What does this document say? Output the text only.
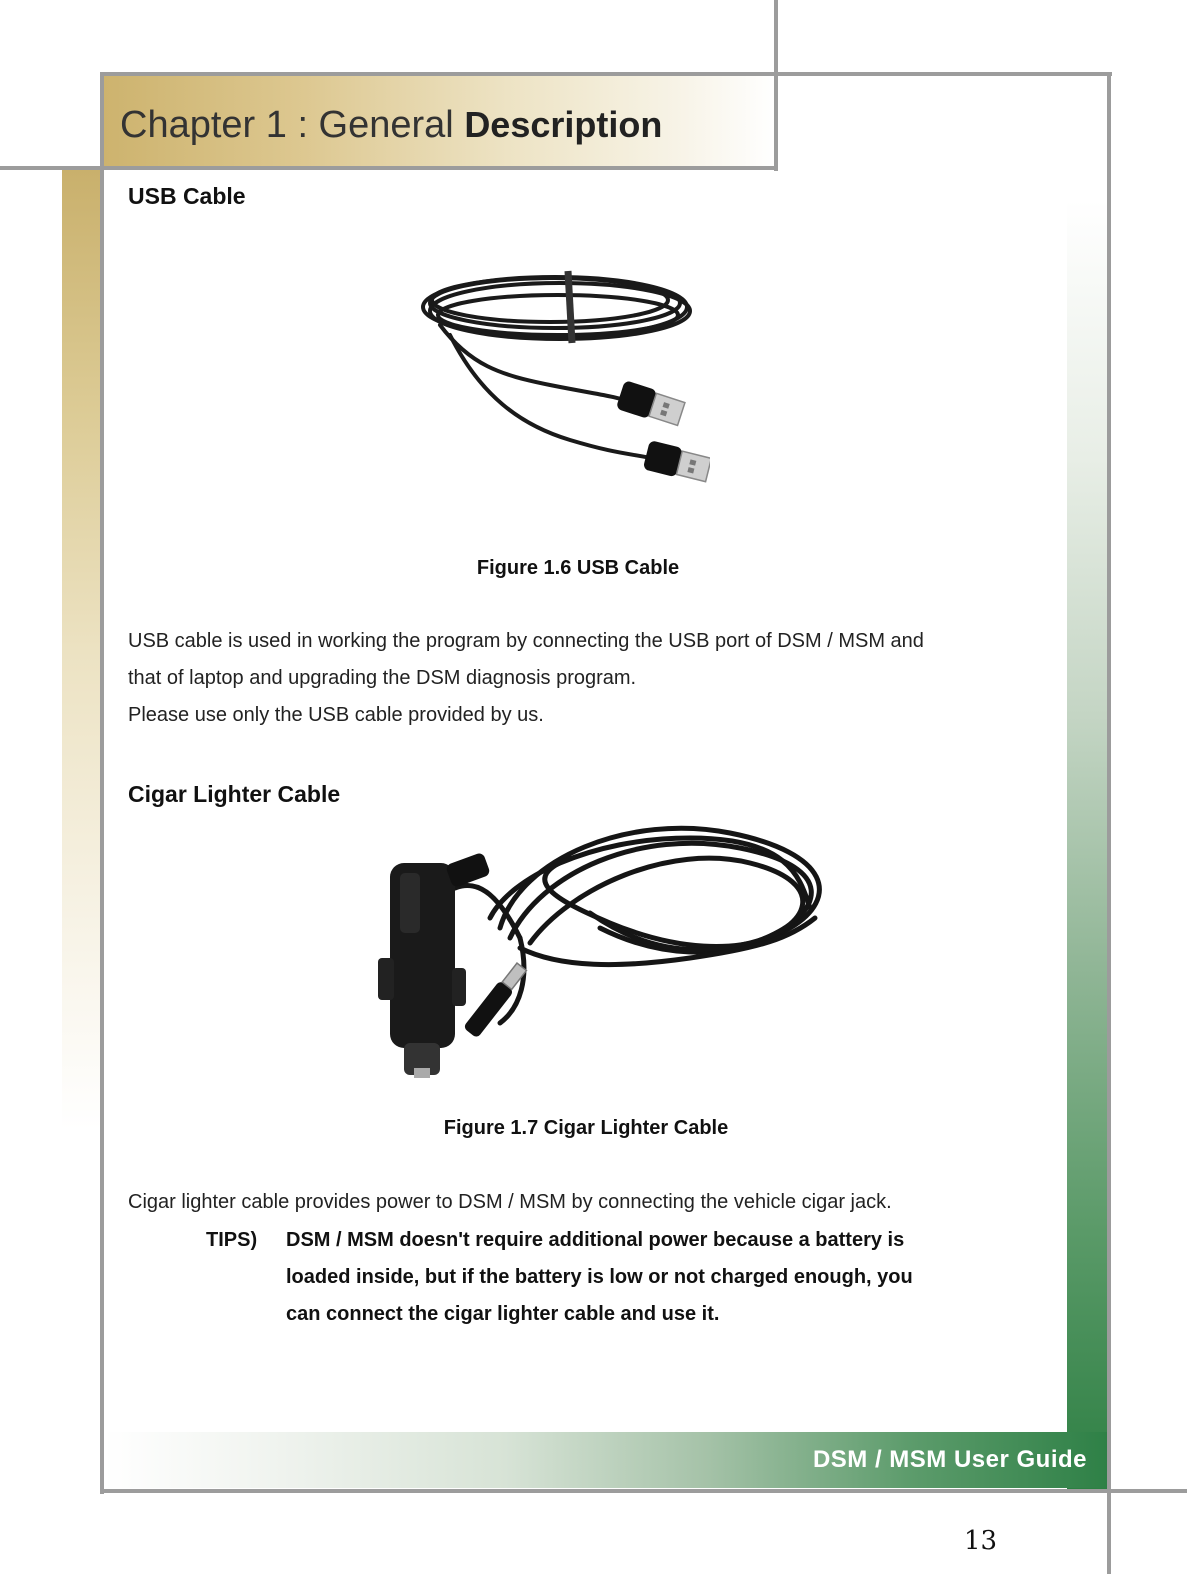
Chapter 1 : General Description
USB Cable
Figure 1.6 USB Cable
USB cable is used in working the program by connecting the USB port of DSM / MSM and
that of laptop and upgrading the DSM diagnosis program.
Please use only the USB cable provided by us.
Cigar Lighter Cable
Figure 1.7 Cigar Lighter Cable
Cigar lighter cable provides power to DSM / MSM by connecting the vehicle cigar jack.
TIPS) DSM / MSM doesn't require additional power because a battery is
loaded inside, but if the battery is low or not charged enough, you
can connect the cigar lighter cable and use it.
DSM / MSM User Guide
13
